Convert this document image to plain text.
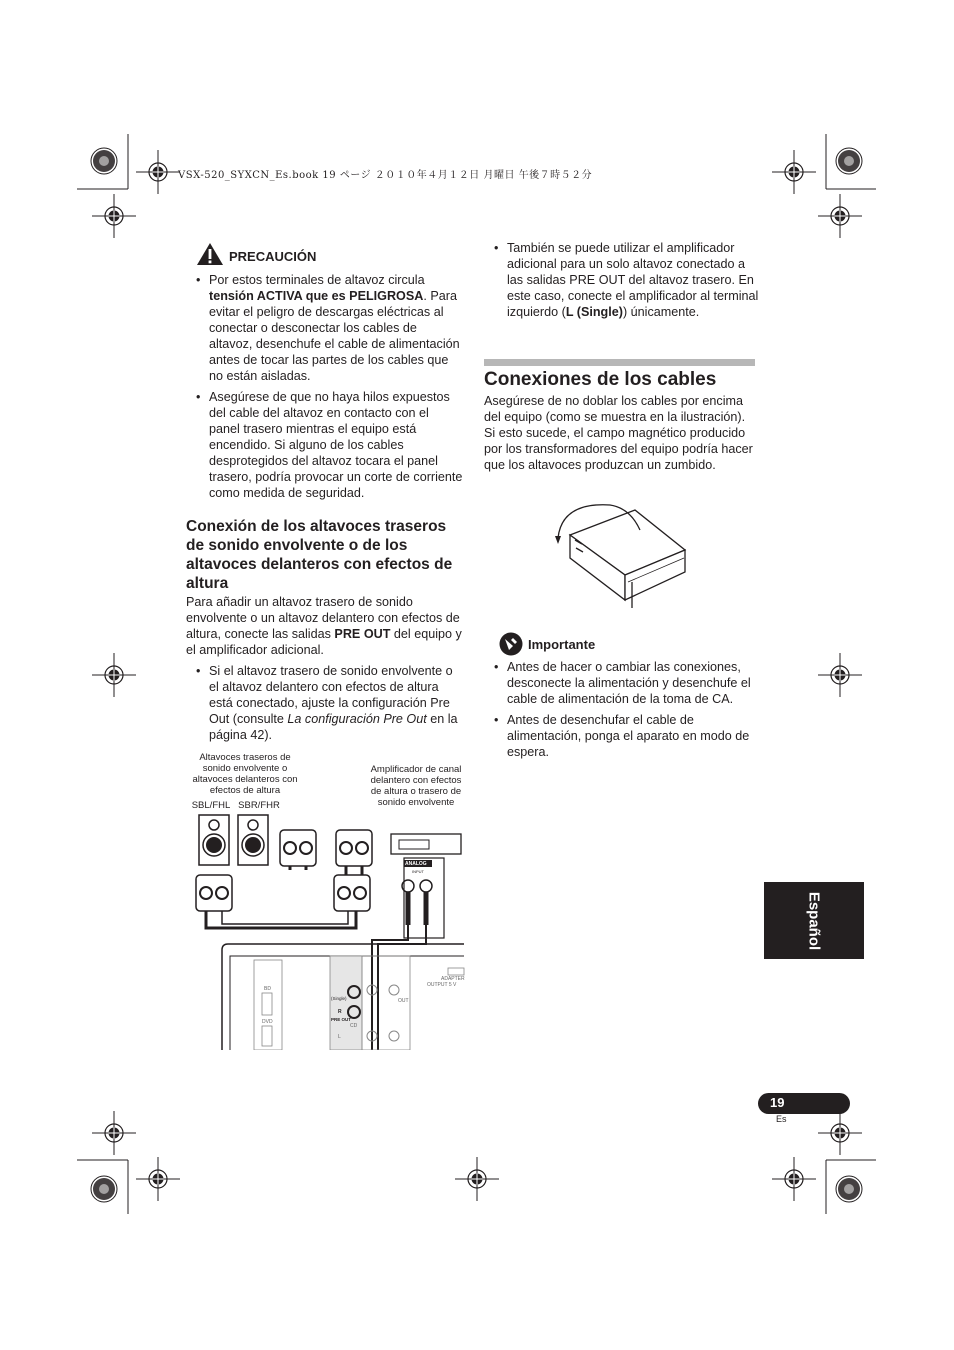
VSX-520_SYXCN_Es.book 19 ページ ２０１０年４月１２日 月曜日 午後７時５２分
PRECAUCIÓN
• Por estos terminales de altavoz circula tensión ACTIVA que es PELIGROSA. Para evitar el peligro de descargas eléctricas al conectar o desconectar los cables de altavoz, desenchufe el cable de alimentación antes de tocar las partes de los cables que no están aisladas.
• Asegúrese de que no haya hilos expuestos del cable del altavoz en contacto con el panel trasero mientras el equipo está encendido. Si alguno de los cables desprotegidos del altavoz tocara el panel trasero, podría provocar un corte de corriente como medida de seguridad.
Conexión de los altavoces traseros de sonido envolvente o de los altavoces delanteros con efectos de altura
Para añadir un altavoz trasero de sonido envolvente o un altavoz delantero con efectos de altura, conecte las salidas PRE OUT del equipo y el amplificador adicional.
• Si el altavoz trasero de sonido envolvente o el altavoz delantero con efectos de altura está conectado, ajuste la configuración Pre Out (consulte La configuración Pre Out en la página 42).
Altavoces traseros de sonido envolvente o altavoces delanteros con efectos de altura
SBL/FHL SBR/FHR
Amplificador de canal delantero con efectos de altura o trasero de sonido envolvente
ANALOG
INPUT
BD
DVD
(Single)
R
PRE OUT
CD
L
OUT
ADAPTER
OUTPUT 5 V
• También se puede utilizar el amplificador adicional para un solo altavoz conectado a las salidas PRE OUT del altavoz trasero. En este caso, conecte el amplificador al terminal izquierdo (L (Single)) únicamente.
Conexiones de los cables
Asegúrese de no doblar los cables por encima del equipo (como se muestra en la ilustración). Si esto sucede, el campo magnético producido por los transformadores del equipo podría hacer que los altavoces produzcan un zumbido.
Importante
• Antes de hacer o cambiar las conexiones, desconecte la alimentación y desenchufe el cable de alimentación de la toma de CA.
• Antes de desenchufar el cable de alimentación, ponga el aparato en modo de espera.
Español
19
Es
